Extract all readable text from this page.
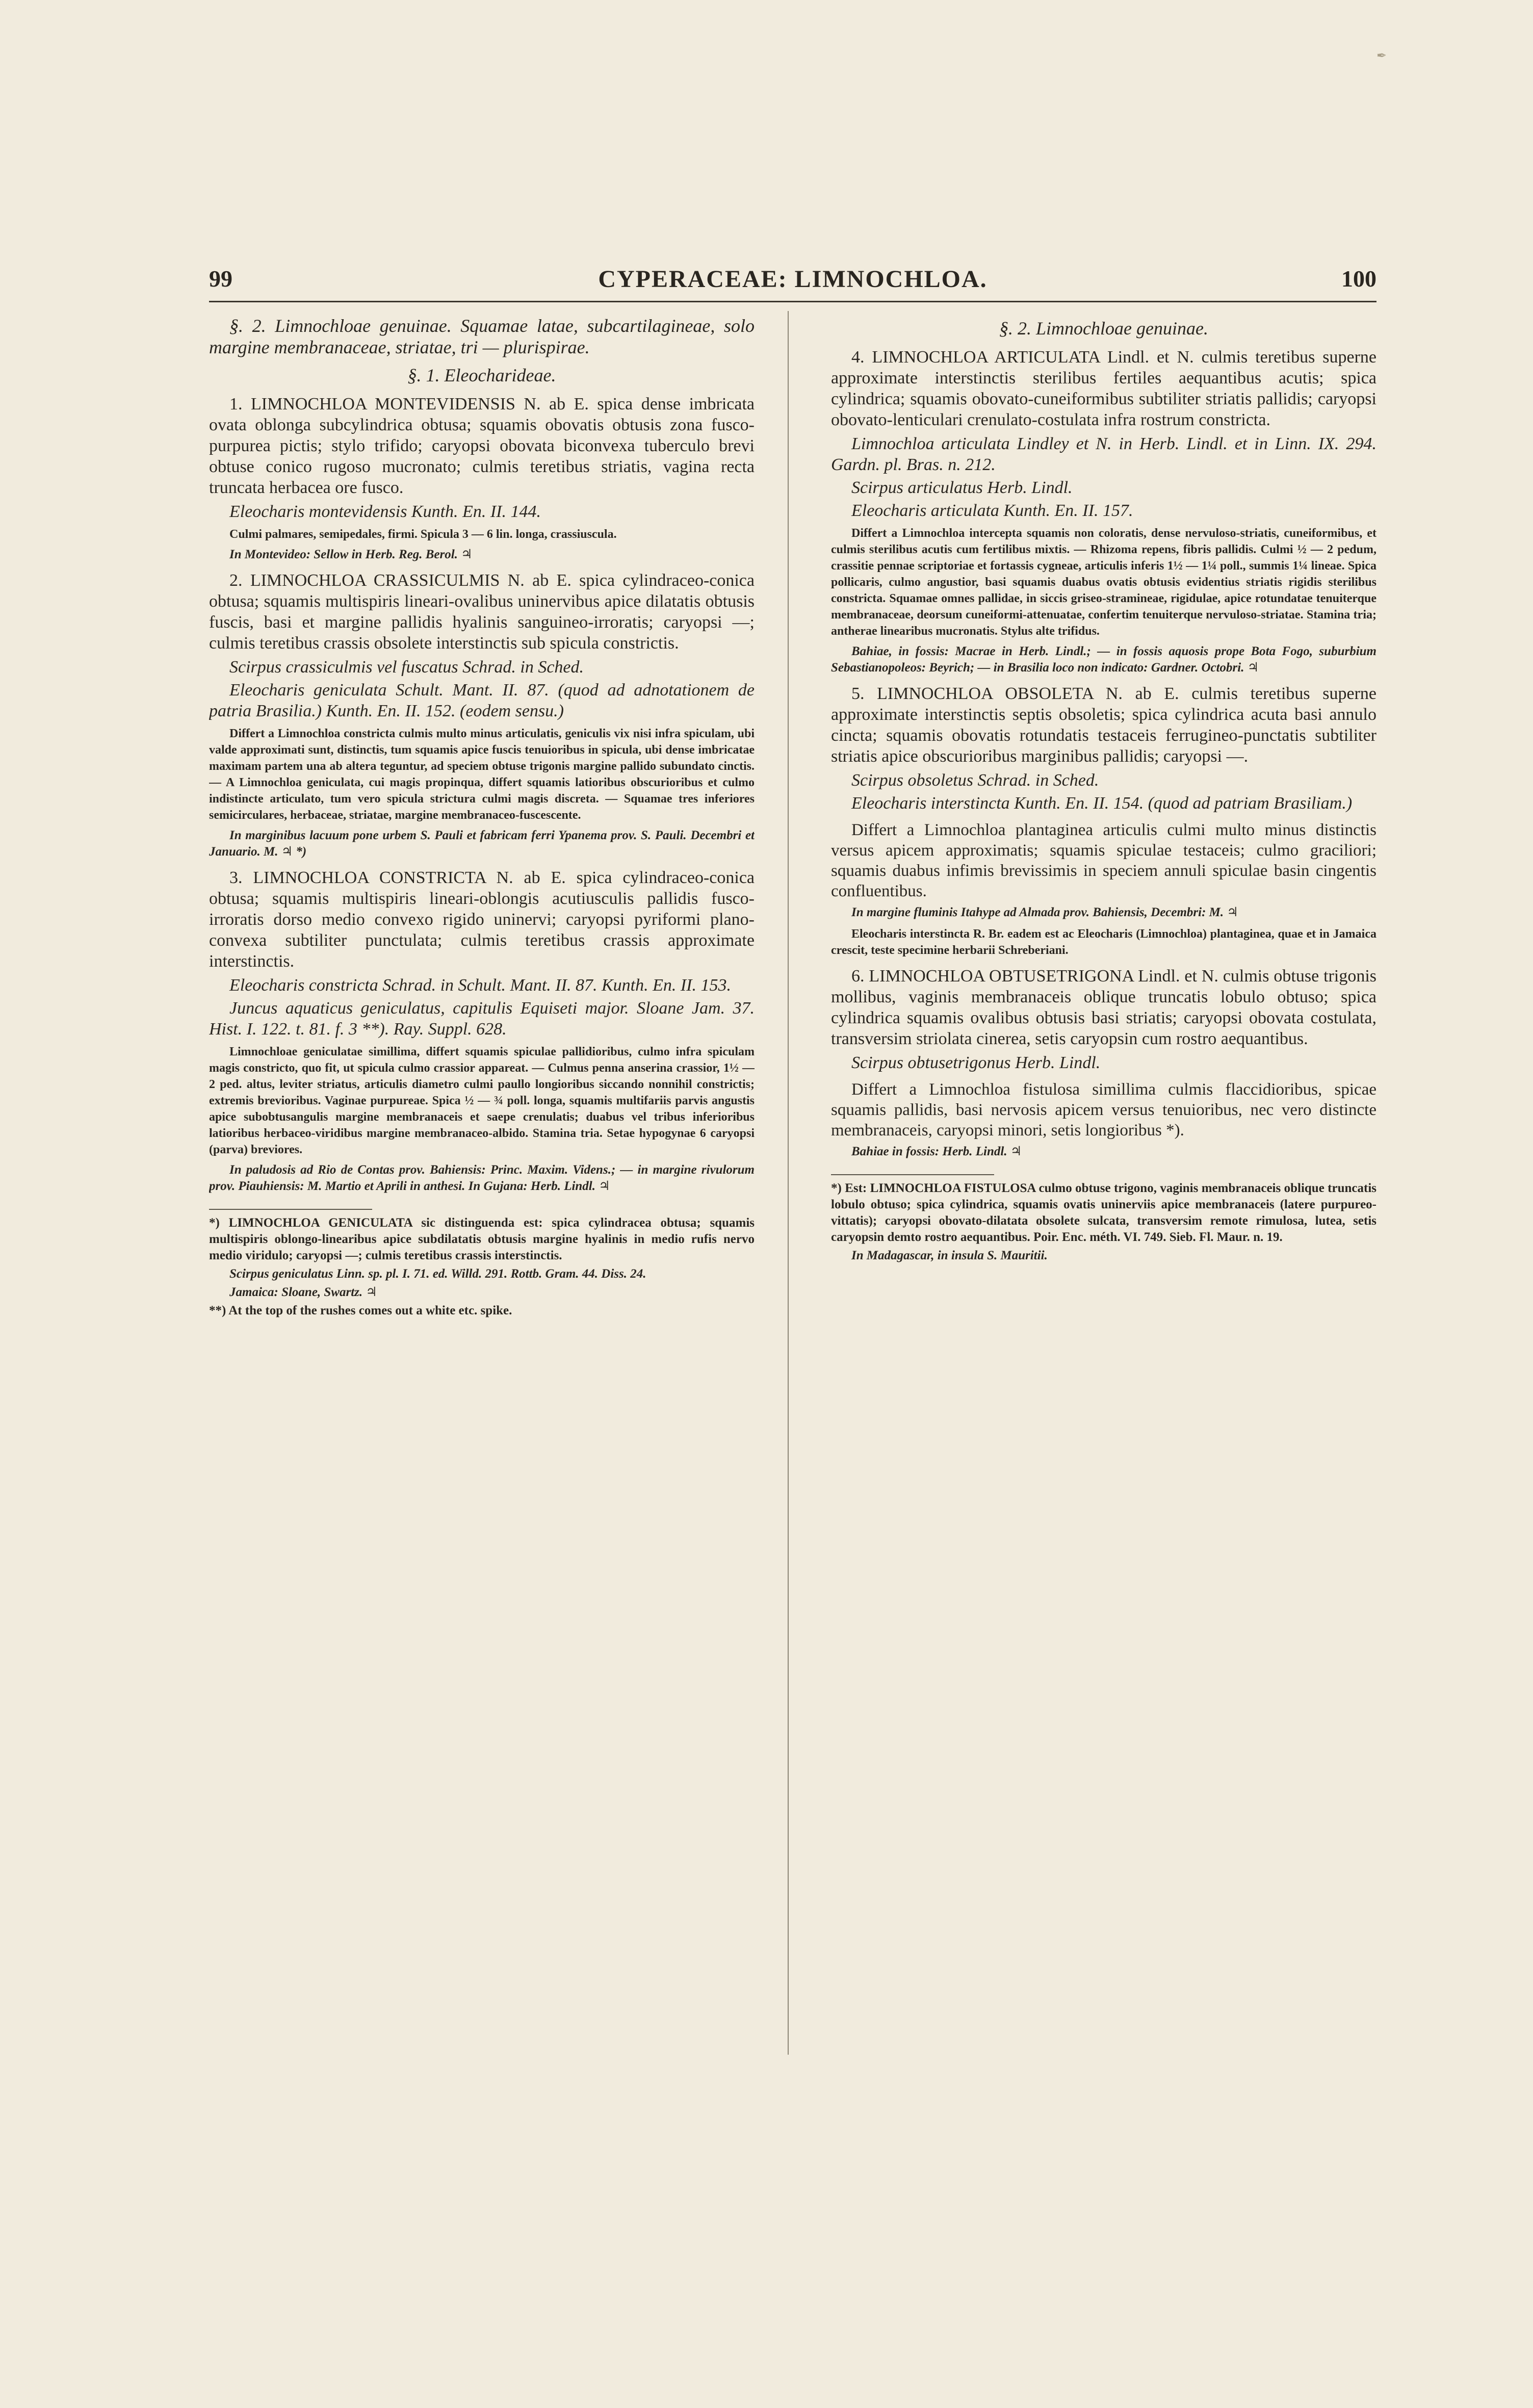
✒
99	CYPERACEAE: LIMNOCHLOA.	100

§. 2. Limnochloae genuinae. Squamae latae, subcartilagineae, solo margine membranaceae, striatae, tri — plurispirae.

§. 1. Eleocharideae.

1. LIMNOCHLOA MONTEVIDENSIS N. ab E. spica dense imbricata ovata oblonga subcylindrica obtusa; squamis obovatis obtusis zona fusco-purpurea pictis; stylo trifido; caryopsi obovata biconvexa tuberculo brevi obtuse conico rugoso mucronato; culmis teretibus striatis, vagina recta truncata herbacea ore fusco.

Eleocharis montevidensis Kunth. En. II. 144.

Culmi palmares, semipedales, firmi. Spicula 3 — 6 lin. longa, crassiuscula.

In Montevideo: Sellow in Herb. Reg. Berol. ♃

2. LIMNOCHLOA CRASSICULMIS N. ab E. spica cylindraceo-conica obtusa; squamis multispiris lineari-ovalibus uninervibus apice dilatatis obtusis fuscis, basi et margine pallidis hyalinis sanguineo-irroratis; caryopsi —; culmis teretibus crassis obsolete interstinctis sub spicula constrictis.

Scirpus crassiculmis vel fuscatus Schrad. in Sched.

Eleocharis geniculata Schult. Mant. II. 87. (quod ad adnotationem de patria Brasilia.) Kunth. En. II. 152. (eodem sensu.)

Differt a Limnochloa constricta culmis multo minus articulatis, geniculis vix nisi infra spiculam, ubi valde approximati sunt, distinctis, tum squamis apice fuscis tenuioribus in spicula, ubi dense imbricatae maximam partem una ab altera teguntur, ad speciem obtuse trigonis margine pallido subundato cinctis. — A Limnochloa geniculata, cui magis propinqua, differt squamis latioribus obscurioribus et culmo indistincte articulato, tum vero spicula strictura culmi magis discreta. — Squamae tres inferiores semicirculares, herbaceae, striatae, margine membranaceo-fuscescente.

In marginibus lacuum pone urbem S. Pauli et fabricam ferri Ypanema prov. S. Pauli. Decembri et Januario. M. ♃ *)

3. LIMNOCHLOA CONSTRICTA N. ab E. spica cylindraceo-conica obtusa; squamis multispiris lineari-oblongis acutiusculis pallidis fusco-irroratis dorso medio convexo rigido uninervi; caryopsi pyriformi plano-convexa subtiliter punctulata; culmis teretibus crassis approximate interstinctis.

Eleocharis constricta Schrad. in Schult. Mant. II. 87. Kunth. En. II. 153.

Juncus aquaticus geniculatus, capitulis Equiseti major. Sloane Jam. 37. Hist. I. 122. t. 81. f. 3 **). Ray. Suppl. 628.

Limnochloae geniculatae simillima, differt squamis spiculae pallidioribus, culmo infra spiculam magis constricto, quo fit, ut spicula culmo crassior appareat. — Culmus penna anserina crassior, 1½ — 2 ped. altus, leviter striatus, articulis diametro culmi paullo longioribus siccando nonnihil constrictis; extremis brevioribus. Vaginae purpureae. Spica ½ — ¾ poll. longa, squamis multifariis parvis angustis apice subobtusangulis margine membranaceis et saepe crenulatis; duabus vel tribus inferioribus latioribus herbaceo-viridibus margine membranaceo-albido. Stamina tria. Setae hypogynae 6 caryopsi (parva) breviores.

In paludosis ad Rio de Contas prov. Bahiensis: Princ. Maxim. Videns.; — in margine rivulorum prov. Piauhiensis: M. Martio et Aprili in anthesi. In Gujana: Herb. Lindl. ♃

*) LIMNOCHLOA GENICULATA sic distinguenda est: spica cylindracea obtusa; squamis multispiris oblongo-linearibus apice subdilatatis obtusis margine hyalinis in medio rufis nervo medio viridulo; caryopsi —; culmis teretibus crassis interstinctis.

Scirpus geniculatus Linn. sp. pl. I. 71. ed. Willd. 291. Rottb. Gram. 44. Diss. 24.

Jamaica: Sloane, Swartz. ♃

**) At the top of the rushes comes out a white etc. spike.

§. 2. Limnochloae genuinae.

4. LIMNOCHLOA ARTICULATA Lindl. et N. culmis teretibus superne approximate interstinctis sterilibus fertiles aequantibus acutis; spica cylindrica; squamis obovato-cuneiformibus subtiliter striatis pallidis; caryopsi obovato-lenticulari crenulato-costulata infra rostrum constricta.

Limnochloa articulata Lindley et N. in Herb. Lindl. et in Linn. IX. 294. Gardn. pl. Bras. n. 212.

Scirpus articulatus Herb. Lindl.

Eleocharis articulata Kunth. En. II. 157.

Differt a Limnochloa intercepta squamis non coloratis, dense nervuloso-striatis, cuneiformibus, et culmis sterilibus acutis cum fertilibus mixtis. — Rhizoma repens, fibris pallidis. Culmi ½ — 2 pedum, crassitie pennae scriptoriae et fortassis cygneae, articulis inferis 1½ — 1¼ poll., summis 1¼ lineae. Spica pollicaris, culmo angustior, basi squamis duabus ovatis obtusis evidentius striatis rigidis sterilibus constricta. Squamae omnes pallidae, in siccis griseo-stramineae, rigidulae, apice rotundatae tenuiterque membranaceae, deorsum cuneiformi-attenuatae, confertim tenuiterque nervuloso-striatae. Stamina tria; antherae linearibus mucronatis. Stylus alte trifidus.

Bahiae, in fossis: Macrae in Herb. Lindl.; — in fossis aquosis prope Bota Fogo, suburbium Sebastianopoleos: Beyrich; — in Brasilia loco non indicato: Gardner. Octobri. ♃

5. LIMNOCHLOA OBSOLETA N. ab E. culmis teretibus superne approximate interstinctis septis obsoletis; spica cylindrica acuta basi annulo cincta; squamis obovatis rotundatis testaceis ferrugineo-punctatis subtiliter striatis apice obscurioribus marginibus pallidis; caryopsi —.

Scirpus obsoletus Schrad. in Sched.

Eleocharis interstincta Kunth. En. II. 154. (quod ad patriam Brasiliam.)

Differt a Limnochloa plantaginea articulis culmi multo minus distinctis versus apicem approximatis; squamis spiculae testaceis; culmo graciliori; squamis duabus infimis brevissimis in speciem annuli spiculae basin cingentis confluentibus.

In margine fluminis Itahype ad Almada prov. Bahiensis, Decembri: M. ♃

Eleocharis interstincta R. Br. eadem est ac Eleocharis (Limnochloa) plantaginea, quae et in Jamaica crescit, teste specimine herbarii Schreberiani.

6. LIMNOCHLOA OBTUSETRIGONA Lindl. et N. culmis obtuse trigonis mollibus, vaginis membranaceis oblique truncatis lobulo obtuso; spica cylindrica squamis ovalibus obtusis basi striatis; caryopsi obovata costulata, transversim striolata cinerea, setis caryopsin cum rostro aequantibus.

Scirpus obtusetrigonus Herb. Lindl.

Differt a Limnochloa fistulosa simillima culmis flaccidioribus, spicae squamis pallidis, basi nervosis apicem versus tenuioribus, nec vero distincte membranaceis, caryopsi minori, setis longioribus *).

Bahiae in fossis: Herb. Lindl. ♃

*) Est: LIMNOCHLOA FISTULOSA culmo obtuse trigono, vaginis membranaceis oblique truncatis lobulo obtuso; spica cylindrica, squamis ovatis uninerviis apice membranaceis (latere purpureo-vittatis); caryopsi obovato-dilatata obsolete sulcata, transversim remote rimulosa, lutea, setis caryopsin demto rostro aequantibus. Poir. Enc. méth. VI. 749. Sieb. Fl. Maur. n. 19.

In Madagascar, in insula S. Mauritii.
